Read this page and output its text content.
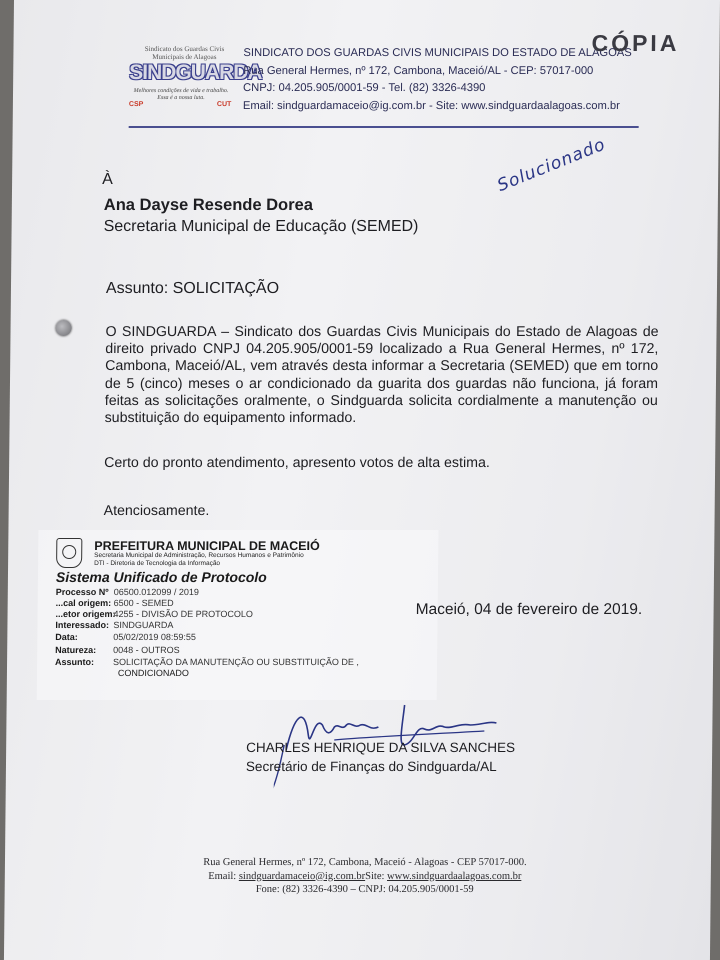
Sindicato dos Guardas Civis Municipais de Alagoas
SINDGUARDA
Melhores condições de vida e trabalho. Essa é a nossa luta.
CSP	CUT
SINDICATO DOS GUARDAS CIVIS MUNICIPAIS DO ESTADO DE ALAGOAS
Rua General Hermes, nº 172, Cambona, Maceió/AL - CEP: 57017-000
CNPJ: 04.205.905/0001-59 - Tel. (82) 3326-4390
Email: sindguardamaceio@ig.com.br - Site: www.sindguardaalagoas.com.br
CÓPIA
À
Ana Dayse Resende Dorea
Secretaria Municipal de Educação (SEMED)
Solucionado
Assunto: SOLICITAÇÃO
O SINDGUARDA – Sindicato dos Guardas Civis Municipais do Estado de Alagoas de direito privado CNPJ 04.205.905/0001-59 localizado a Rua General Hermes, nº 172, Cambona, Maceió/AL, vem através desta informar a Secretaria (SEMED) que em torno de 5 (cinco) meses o ar condicionado da guarita dos guardas não funciona, já foram feitas as solicitações oralmente, o Sindguarda solicita cordialmente a manutenção ou substituição do equipamento informado.
Certo do pronto atendimento, apresento votos de alta estima.
Atenciosamente.
PREFEITURA MUNICIPAL DE MACEIÓ
Secretaria Municipal de Administração, Recursos Humanos e Patrimônio
DTI - Diretoria de Tecnologia da Informação
Sistema Unificado de Protocolo
Processo Nº 06500.012099 / 2019
...cal origem: 6500 - SEMED
...etor origem:4255 - DIVISÃO DE PROTOCOLO
Interessado: SINDGUARDA
Data:	05/02/2019 08:59:55
Natureza: 0048 - OUTROS
Assunto: SOLICITAÇÃO DA MANUTENÇÃO OU SUBSTITUIÇÃO DE ,
CONDICIONADO
Maceió, 04 de fevereiro de 2019.
CHARLES HENRIQUE DA SILVA SANCHES
Secretário de Finanças do Sindguarda/AL
Rua General Hermes, nº 172, Cambona, Maceió - Alagoas - CEP 57017-000.
Email: sindguardamaceio@ig.com.brSite: www.sindguardaalagoas.com.br
Fone: (82) 3326-4390 – CNPJ: 04.205.905/0001-59
